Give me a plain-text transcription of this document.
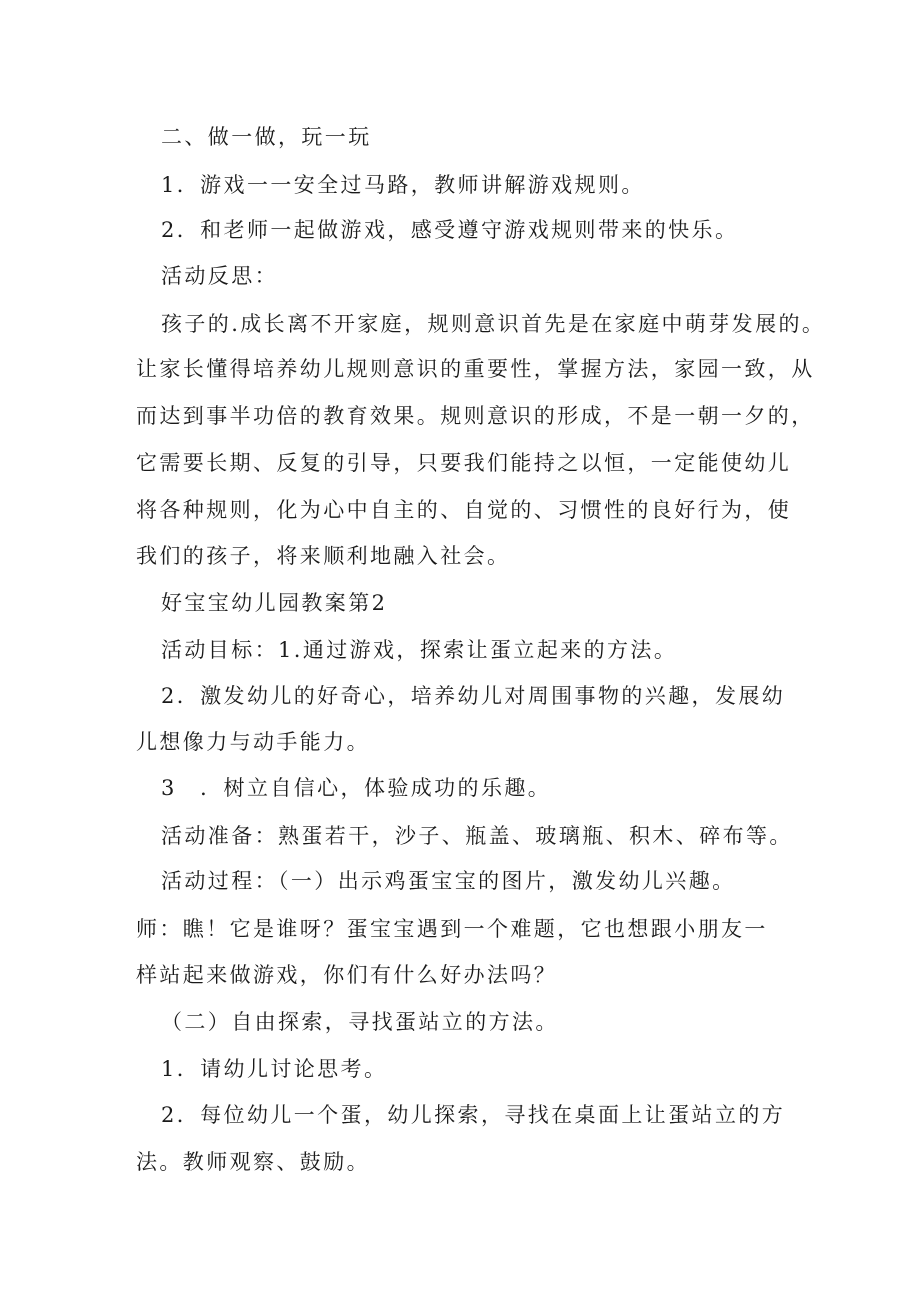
二、做一做，玩一玩
1．游戏一一安全过马路，教师讲解游戏规则。
2．和老师一起做游戏，感受遵守游戏规则带来的快乐。
活动反思：
孩子的.成长离不开家庭，规则意识首先是在家庭中萌芽发展的。
让家长懂得培养幼儿规则意识的重要性，掌握方法，家园一致，从
而达到事半功倍的教育效果。规则意识的形成，不是一朝一夕的，
它需要长期、反复的引导，只要我们能持之以恒，一定能使幼儿
将各种规则，化为心中自主的、自觉的、习惯性的良好行为，使
我们的孩子，将来顺利地融入社会。
好宝宝幼儿园教案第2
活动目标：1.通过游戏，探索让蛋立起来的方法。
2．激发幼儿的好奇心，培养幼儿对周围事物的兴趣，发展幼
儿想像力与动手能力。
3　．树立自信心，体验成功的乐趣。
活动准备：熟蛋若干，沙子、瓶盖、玻璃瓶、积木、碎布等。
活动过程：（一）出示鸡蛋宝宝的图片，激发幼儿兴趣。
师：瞧！它是谁呀？蛋宝宝遇到一个难题，它也想跟小朋友一
样站起来做游戏，你们有什么好办法吗？
（二）自由探索，寻找蛋站立的方法。
1．请幼儿讨论思考。
2．每位幼儿一个蛋，幼儿探索，寻找在桌面上让蛋站立的方
法。教师观察、鼓励。
